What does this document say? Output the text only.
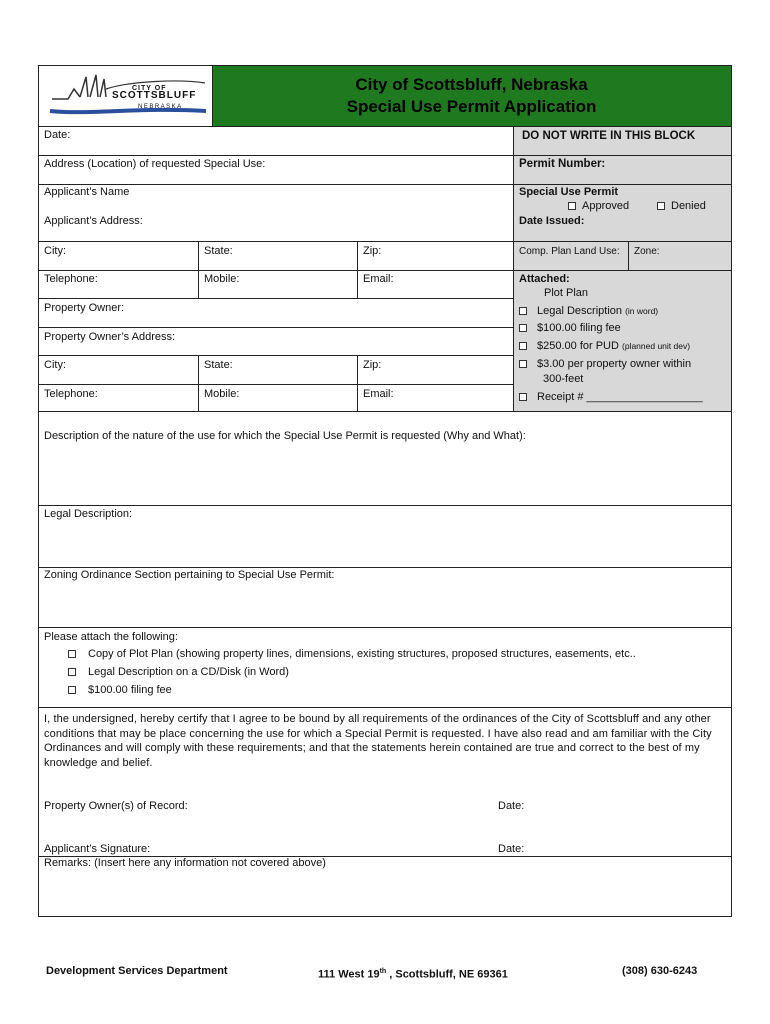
CITY OF
SCOTTSBLUFF
NEBRASKA
City of Scottsbluff, Nebraska
Special Use Permit Application
Date:
Address (Location) of requested Special Use:
Applicant’s Name
Applicant’s Address:
City:	State:	Zip:
Telephone:	Mobile:	Email:
Property Owner:
Property Owner’s Address:
City:	State:	Zip:
Telephone:	Mobile:	Email:
DO NOT WRITE IN THIS BLOCK
Permit Number:
Special Use Permit
Approved	Denied
Date Issued:
Comp. Plan Land Use: Zone:
Attached:
Plot Plan
Legal Description (in word)
$100.00 filing fee
$250.00 for PUD (planned unit dev)
$3.00 per property owner within
300-feet
Receipt # ___________________
Description of the nature of the use for which the Special Use Permit is requested (Why and What):
Legal Description:
Zoning Ordinance Section pertaining to Special Use Permit:
Please attach the following:
Copy of Plot Plan (showing property lines, dimensions, existing structures, proposed structures, easements, etc..
Legal Description on a CD/Disk (in Word)
$100.00 filing fee
I, the undersigned, hereby certify that I agree to be bound by all requirements of the ordinances of the City of Scottsbluff and any other conditions that may be place concerning the use for which a Special Permit is requested. I have also read and am familiar with the City Ordinances and will comply with these requirements; and that the statements herein contained are true and correct to the best of my knowledge and belief.
Property Owner(s) of Record:	Date:
Applicant’s Signature:	Date:
Remarks: (Insert here any information not covered above)
Development Services Department	111 West 19th , Scottsbluff, NE 69361	(308) 630-6243
